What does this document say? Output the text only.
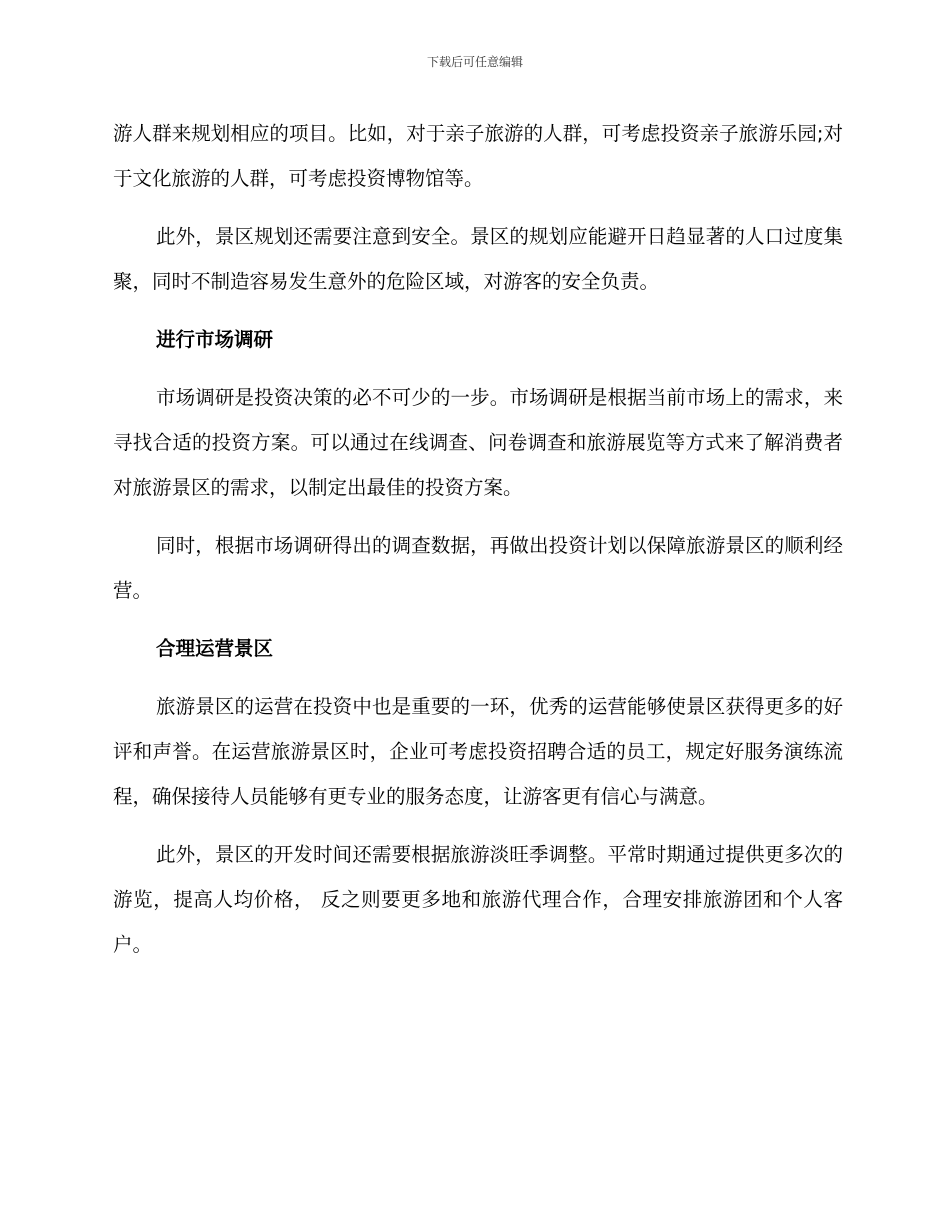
下载后可任意编辑

游人群来规划相应的项目。比如，对于亲子旅游的人群，可考虑投资亲子旅游乐园;对于文化旅游的人群，可考虑投资博物馆等。

此外，景区规划还需要注意到安全。景区的规划应能避开日趋显著的人口过度集聚，同时不制造容易发生意外的危险区域，对游客的安全负责。

进行市场调研

市场调研是投资决策的必不可少的一步。市场调研是根据当前市场上的需求，来寻找合适的投资方案。可以通过在线调查、问卷调查和旅游展览等方式来了解消费者对旅游景区的需求，以制定出最佳的投资方案。

同时，根据市场调研得出的调查数据，再做出投资计划以保障旅游景区的顺利经营。

合理运营景区

旅游景区的运营在投资中也是重要的一环，优秀的运营能够使景区获得更多的好评和声誉。在运营旅游景区时，企业可考虑投资招聘合适的员工，规定好服务演练流程，确保接待人员能够有更专业的服务态度，让游客更有信心与满意。

此外，景区的开发时间还需要根据旅游淡旺季调整。平常时期通过提供更多次的游览，提高人均价格， 反之则要更多地和旅游代理合作，合理安排旅游团和个人客户。
